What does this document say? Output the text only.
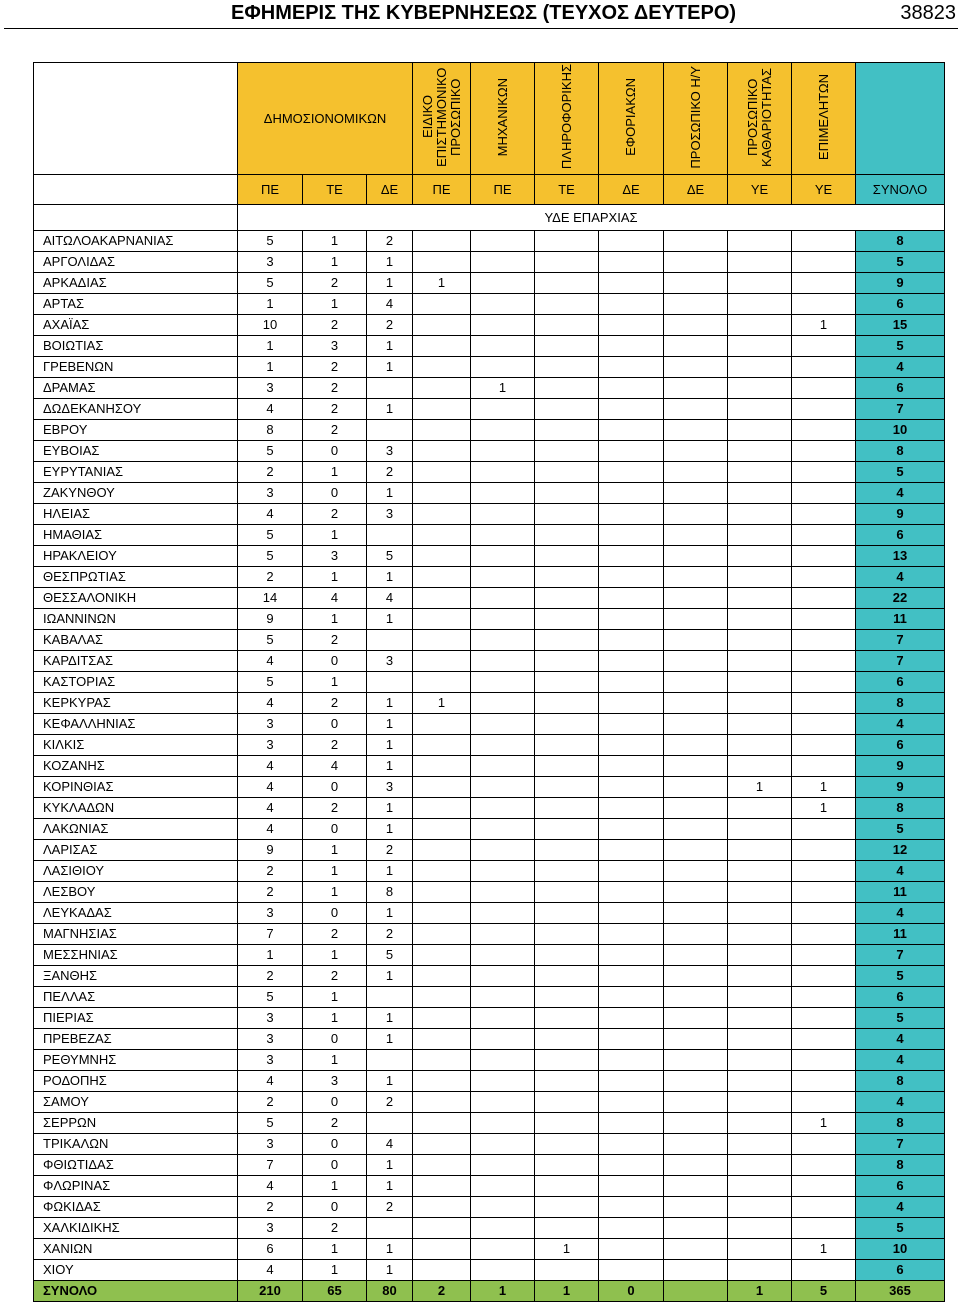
ΕΦΗΜΕΡΙΣ ΤΗΣ ΚΥΒΕΡΝΗΣΕΩΣ (ΤΕΥΧΟΣ ΔΕΥΤΕΡΟ)	38823
	ΔΗΜΟΣΙΟΝΟΜΙΚΩΝ			ΕΙΔΙΚΟ ΕΠΙΣΤΗΜΟΝΙΚΟ ΠΡΟΣΩΠΙΚΟ	ΜΗΧΑΝΙΚΩΝ	ΠΛΗΡΟΦΟΡΙΚΗΣ	ΕΦΟΡΙΑΚΩΝ	ΠΡΟΣΩΠΙΚΟ Η/Υ	ΠΡΟΣΩΠΙΚΟ ΚΑΘΑΡΙΟΤΗΤΑΣ	ΕΠΙΜΕΛΗΤΩΝ	
	ΠΕ	ΤΕ	ΔΕ	ΠΕ	ΠΕ	ΤΕ	ΔΕ	ΔΕ	ΥΕ	ΥΕ	ΣΥΝΟΛΟ
	ΥΔΕ ΕΠΑΡΧΙΑΣ										
ΑΙΤΩΛΟΑΚΑΡΝΑΝΙΑΣ	5	1	2								8
ΑΡΓΟΛΙΔΑΣ	3	1	1								5
ΑΡΚΑΔΙΑΣ	5	2	1	1							9
ΑΡΤΑΣ	1	1	4								6
ΑΧΑΪΑΣ	10	2	2							1	15
ΒΟΙΩΤΙΑΣ	1	3	1								5
ΓΡΕΒΕΝΩΝ	1	2	1								4
ΔΡΑΜΑΣ	3	2			1						6
ΔΩΔΕΚΑΝΗΣΟΥ	4	2	1								7
ΕΒΡΟΥ	8	2									10
ΕΥΒΟΙΑΣ	5	0	3								8
ΕΥΡΥΤΑΝΙΑΣ	2	1	2								5
ΖΑΚΥΝΘΟΥ	3	0	1								4
ΗΛΕΙΑΣ	4	2	3								9
ΗΜΑΘΙΑΣ	5	1									6
ΗΡΑΚΛΕΙΟΥ	5	3	5								13
ΘΕΣΠΡΩΤΙΑΣ	2	1	1								4
ΘΕΣΣΑΛΟΝΙΚΗ	14	4	4								22
ΙΩΑΝΝΙΝΩΝ	9	1	1								11
ΚΑΒΑΛΑΣ	5	2									7
ΚΑΡΔΙΤΣΑΣ	4	0	3								7
ΚΑΣΤΟΡΙΑΣ	5	1									6
ΚΕΡΚΥΡΑΣ	4	2	1	1							8
ΚΕΦΑΛΛΗΝΙΑΣ	3	0	1								4
ΚΙΛΚΙΣ	3	2	1								6
ΚΟΖΑΝΗΣ	4	4	1								9
ΚΟΡΙΝΘΙΑΣ	4	0	3						1	1	9
ΚΥΚΛΑΔΩΝ	4	2	1							1	8
ΛΑΚΩΝΙΑΣ	4	0	1								5
ΛΑΡΙΣΑΣ	9	1	2								12
ΛΑΣΙΘΙΟΥ	2	1	1								4
ΛΕΣΒΟΥ	2	1	8								11
ΛΕΥΚΑΔΑΣ	3	0	1								4
ΜΑΓΝΗΣΙΑΣ	7	2	2								11
ΜΕΣΣΗΝΙΑΣ	1	1	5								7
ΞΑΝΘΗΣ	2	2	1								5
ΠΕΛΛΑΣ	5	1									6
ΠΙΕΡΙΑΣ	3	1	1								5
ΠΡΕΒΕΖΑΣ	3	0	1								4
ΡΕΘΥΜΝΗΣ	3	1									4
ΡΟΔΟΠΗΣ	4	3	1								8
ΣΑΜΟΥ	2	0	2								4
ΣΕΡΡΩΝ	5	2								1	8
ΤΡΙΚΑΛΩΝ	3	0	4								7
ΦΘΙΩΤΙΔΑΣ	7	0	1								8
ΦΛΩΡΙΝΑΣ	4	1	1								6
ΦΩΚΙΔΑΣ	2	0	2								4
ΧΑΛΚΙΔΙΚΗΣ	3	2									5
ΧΑΝΙΩΝ	6	1	1			1				1	10
ΧΙΟΥ	4	1	1								6
ΣΥΝΟΛΟ	210	65	80	2	1	1	0		1	5	365
